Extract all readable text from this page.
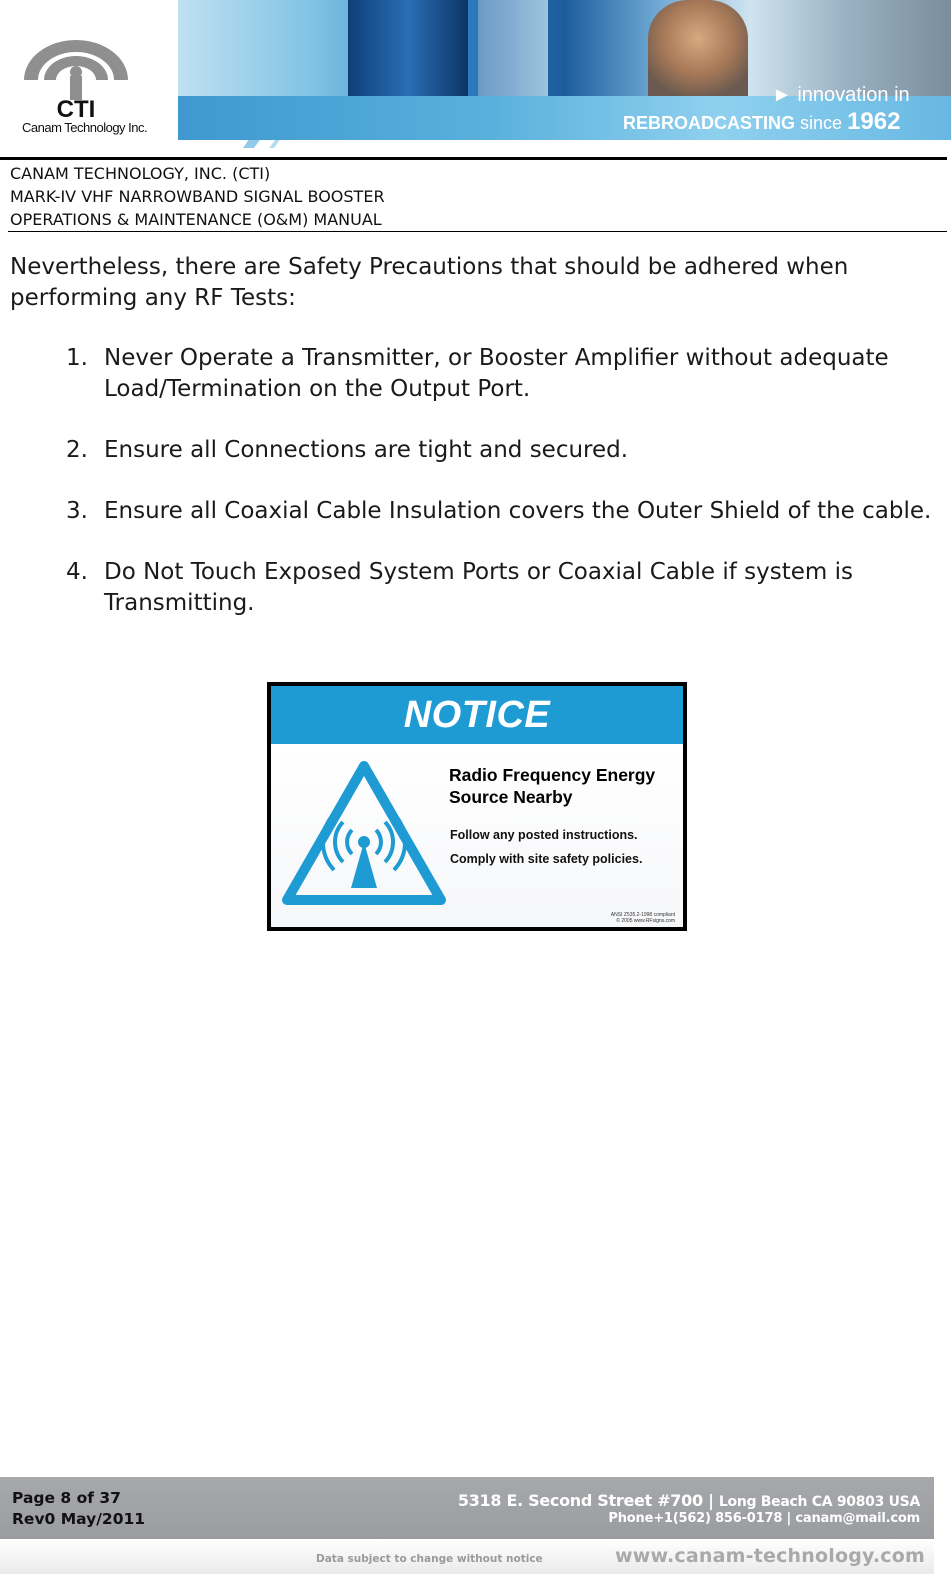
► innovation in
REBROADCASTING since 1962
CTI
Canam Technology Inc.
CANAM TECHNOLOGY, INC. (CTI)
MARK-IV VHF NARROWBAND SIGNAL BOOSTER
OPERATIONS & MAINTENANCE (O&M) MANUAL

Nevertheless, there are Safety Precautions that should be adhered when performing any RF Tests:

1. Never Operate a Transmitter, or Booster Amplifier without adequate Load/Termination on the Output Port.
2. Ensure all Connections are tight and secured.
3. Ensure all Coaxial Cable Insulation covers the Outer Shield of the cable.
4. Do Not Touch Exposed System Ports or Coaxial Cable if system is Transmitting.
NOTICE
Radio Frequency Energy Source Nearby
Follow any posted instructions.
Comply with site safety policies.
ANSI Z535.2-1998 compliant
© 2005 www.RFsigns.com
Page 8 of 37
Rev0 May/2011
5318 E. Second Street #700 | Long Beach CA 90803 USA
Phone+1(562) 856-0178 | canam@mail.com
Data subject to change without notice	www.canam-technology.com
